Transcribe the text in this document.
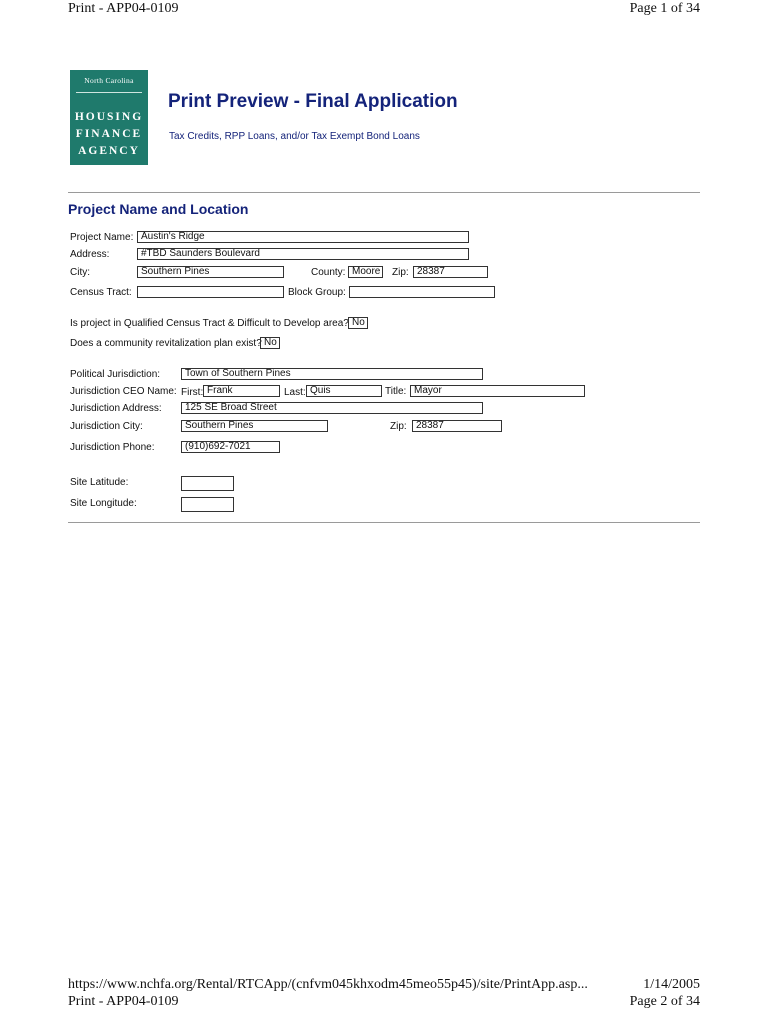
Print - APP04-0109	Page 1 of 34
North Carolina
HOUSING
FINANCE
AGENCY
Print Preview - Final Application
Tax Credits, RPP Loans, and/or Tax Exempt Bond Loans
Project Name and Location
Project Name: Austin's Ridge
Address:	#TBD Saunders Boulevard
City:	Southern Pines	County: Moore Zip: 28387
Census Tract:	Block Group:
Is project in Qualified Census Tract & Difficult to Develop area? No
Does a community revitalization plan exist? No
Political Jurisdiction:	Town of Southern Pines
Jurisdiction CEO Name: First: Frank	Last: Quis	Title: Mayor
Jurisdiction Address:	125 SE Broad Street
Jurisdiction City:	Southern Pines	Zip: 28387
Jurisdiction Phone:	(910)692-7021
Site Latitude:
Site Longitude:
https://www.nchfa.org/Rental/RTCApp/(cnfvm045khxodm45meo55p45)/site/PrintApp.asp...	1/14/2005
Print - APP04-0109	Page 2 of 34
